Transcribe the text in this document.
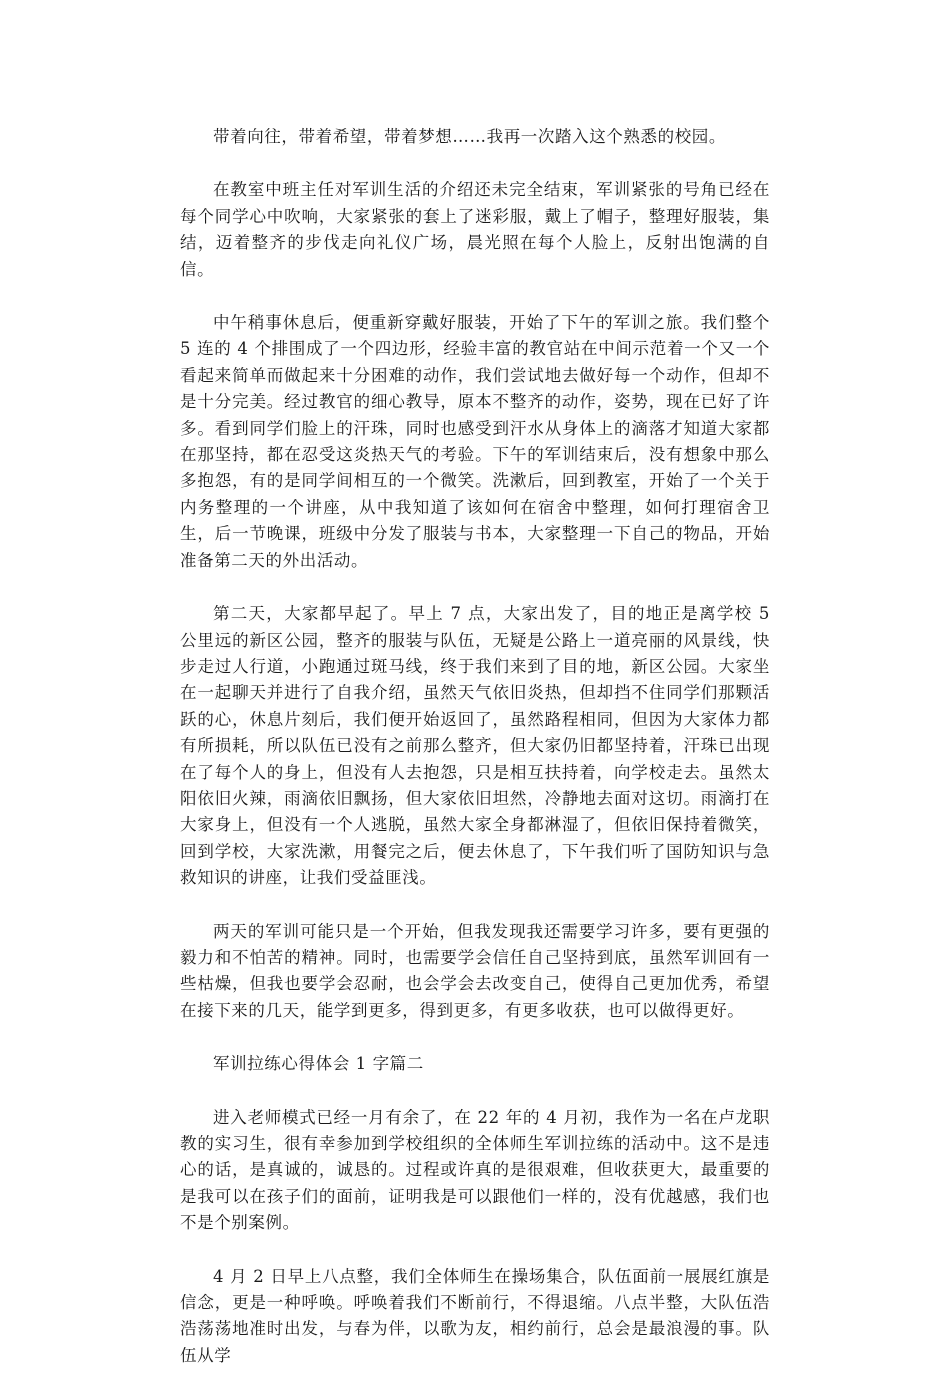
带着向往，带着希望，带着梦想……我再一次踏入这个熟悉的校园。

在教室中班主任对军训生活的介绍还未完全结束，军训紧张的号角已经在每个同学心中吹响，大家紧张的套上了迷彩服，戴上了帽子，整理好服装，集结，迈着整齐的步伐走向礼仪广场，晨光照在每个人脸上，反射出饱满的自信。

中午稍事休息后，便重新穿戴好服装，开始了下午的军训之旅。我们整个 5 连的 4 个排围成了一个四边形，经验丰富的教官站在中间示范着一个又一个看起来简单而做起来十分困难的动作，我们尝试地去做好每一个动作，但却不是十分完美。经过教官的细心教导，原本不整齐的动作，姿势，现在已好了许多。看到同学们脸上的汗珠，同时也感受到汗水从身体上的滴落才知道大家都在那坚持，都在忍受这炎热天气的考验。下午的军训结束后，没有想象中那么多抱怨，有的是同学间相互的一个微笑。洗漱后，回到教室，开始了一个关于内务整理的一个讲座，从中我知道了该如何在宿舍中整理，如何打理宿舍卫生，后一节晚课，班级中分发了服装与书本，大家整理一下自己的物品，开始准备第二天的外出活动。

第二天，大家都早起了。早上 7 点，大家出发了，目的地正是离学校 5 公里远的新区公园，整齐的服装与队伍，无疑是公路上一道亮丽的风景线，快步走过人行道，小跑通过斑马线，终于我们来到了目的地，新区公园。大家坐在一起聊天并进行了自我介绍，虽然天气依旧炎热，但却挡不住同学们那颗活跃的心，休息片刻后，我们便开始返回了，虽然路程相同，但因为大家体力都有所损耗，所以队伍已没有之前那么整齐，但大家仍旧都坚持着，汗珠已出现在了每个人的身上，但没有人去抱怨，只是相互扶持着，向学校走去。虽然太阳依旧火辣，雨滴依旧飘扬，但大家依旧坦然，冷静地去面对这切。雨滴打在大家身上，但没有一个人逃脱，虽然大家全身都淋湿了，但依旧保持着微笑，回到学校，大家洗漱，用餐完之后，便去休息了，下午我们听了国防知识与急救知识的讲座，让我们受益匪浅。

两天的军训可能只是一个开始，但我发现我还需要学习许多，要有更强的毅力和不怕苦的精神。同时，也需要学会信任自己坚持到底，虽然军训回有一些枯燥，但我也要学会忍耐，也会学会去改变自己，使得自己更加优秀，希望在接下来的几天，能学到更多，得到更多，有更多收获，也可以做得更好。

军训拉练心得体会 1 字篇二

进入老师模式已经一月有余了，在 22 年的 4 月初，我作为一名在卢龙职教的实习生，很有幸参加到学校组织的全体师生军训拉练的活动中。这不是违心的话，是真诚的，诚恳的。过程或许真的是很艰难，但收获更大，最重要的是我可以在孩子们的面前，证明我是可以跟他们一样的，没有优越感，我们也不是个别案例。

4 月 2 日早上八点整，我们全体师生在操场集合，队伍面前一展展红旗是信念，更是一种呼唤。呼唤着我们不断前行，不得退缩。八点半整，大队伍浩浩荡荡地准时出发，与春为伴，以歌为友，相约前行，总会是最浪漫的事。队伍从学
